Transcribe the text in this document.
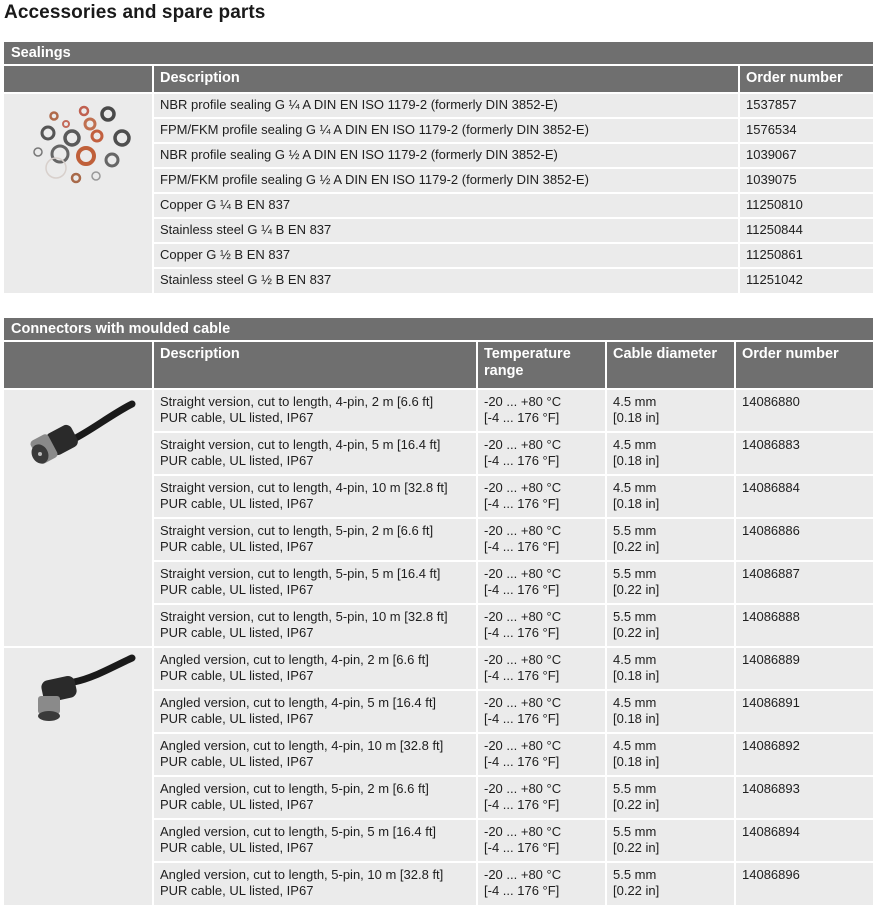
Accessories and spare parts
Sealings
	Description	Order number

	NBR profile sealing G ¼ A DIN EN ISO 1179-2 (formerly DIN 3852-E)	1537857
	FPM/FKM profile sealing G ¼ A DIN EN ISO 1179-2 (formerly DIN 3852-E)	1576534
	NBR profile sealing G ½ A DIN EN ISO 1179-2 (formerly DIN 3852-E)	1039067
	FPM/FKM profile sealing G ½ A DIN EN ISO 1179-2 (formerly DIN 3852-E)	1039075
	Copper G ¼ B EN 837	11250810
	Stainless steel G ¼ B EN 837	11250844
	Copper G ½ B EN 837	11250861
	Stainless steel G ½ B EN 837	11251042
Connectors with moulded cable
	Description	Temperature
range	Cable diameter	Order number

	Straight version, cut to length, 4-pin, 2 m [6.6 ft]
PUR cable, UL listed, IP67	-20 ... +80 °C
[-4 ... 176 °F]	4.5 mm
[0.18 in]	14086880
	Straight version, cut to length, 4-pin, 5 m [16.4 ft]
PUR cable, UL listed, IP67	-20 ... +80 °C
[-4 ... 176 °F]	4.5 mm
[0.18 in]	14086883
	Straight version, cut to length, 4-pin, 10 m [32.8 ft]
PUR cable, UL listed, IP67	-20 ... +80 °C
[-4 ... 176 °F]	4.5 mm
[0.18 in]	14086884
	Straight version, cut to length, 5-pin, 2 m [6.6 ft]
PUR cable, UL listed, IP67	-20 ... +80 °C
[-4 ... 176 °F]	5.5 mm
[0.22 in]	14086886
	Straight version, cut to length, 5-pin, 5 m [16.4 ft]
PUR cable, UL listed, IP67	-20 ... +80 °C
[-4 ... 176 °F]	5.5 mm
[0.22 in]	14086887
	Straight version, cut to length, 5-pin, 10 m [32.8 ft]
PUR cable, UL listed, IP67	-20 ... +80 °C
[-4 ... 176 °F]	5.5 mm
[0.22 in]	14086888

	Angled version, cut to length, 4-pin, 2 m [6.6 ft]
PUR cable, UL listed, IP67	-20 ... +80 °C
[-4 ... 176 °F]	4.5 mm
[0.18 in]	14086889
	Angled version, cut to length, 4-pin, 5 m [16.4 ft]
PUR cable, UL listed, IP67	-20 ... +80 °C
[-4 ... 176 °F]	4.5 mm
[0.18 in]	14086891
	Angled version, cut to length, 4-pin, 10 m [32.8 ft]
PUR cable, UL listed, IP67	-20 ... +80 °C
[-4 ... 176 °F]	4.5 mm
[0.18 in]	14086892
	Angled version, cut to length, 5-pin, 2 m [6.6 ft]
PUR cable, UL listed, IP67	-20 ... +80 °C
[-4 ... 176 °F]	5.5 mm
[0.22 in]	14086893
	Angled version, cut to length, 5-pin, 5 m [16.4 ft]
PUR cable, UL listed, IP67	-20 ... +80 °C
[-4 ... 176 °F]	5.5 mm
[0.22 in]	14086894
	Angled version, cut to length, 5-pin, 10 m [32.8 ft]
PUR cable, UL listed, IP67	-20 ... +80 °C
[-4 ... 176 °F]	5.5 mm
[0.22 in]	14086896
